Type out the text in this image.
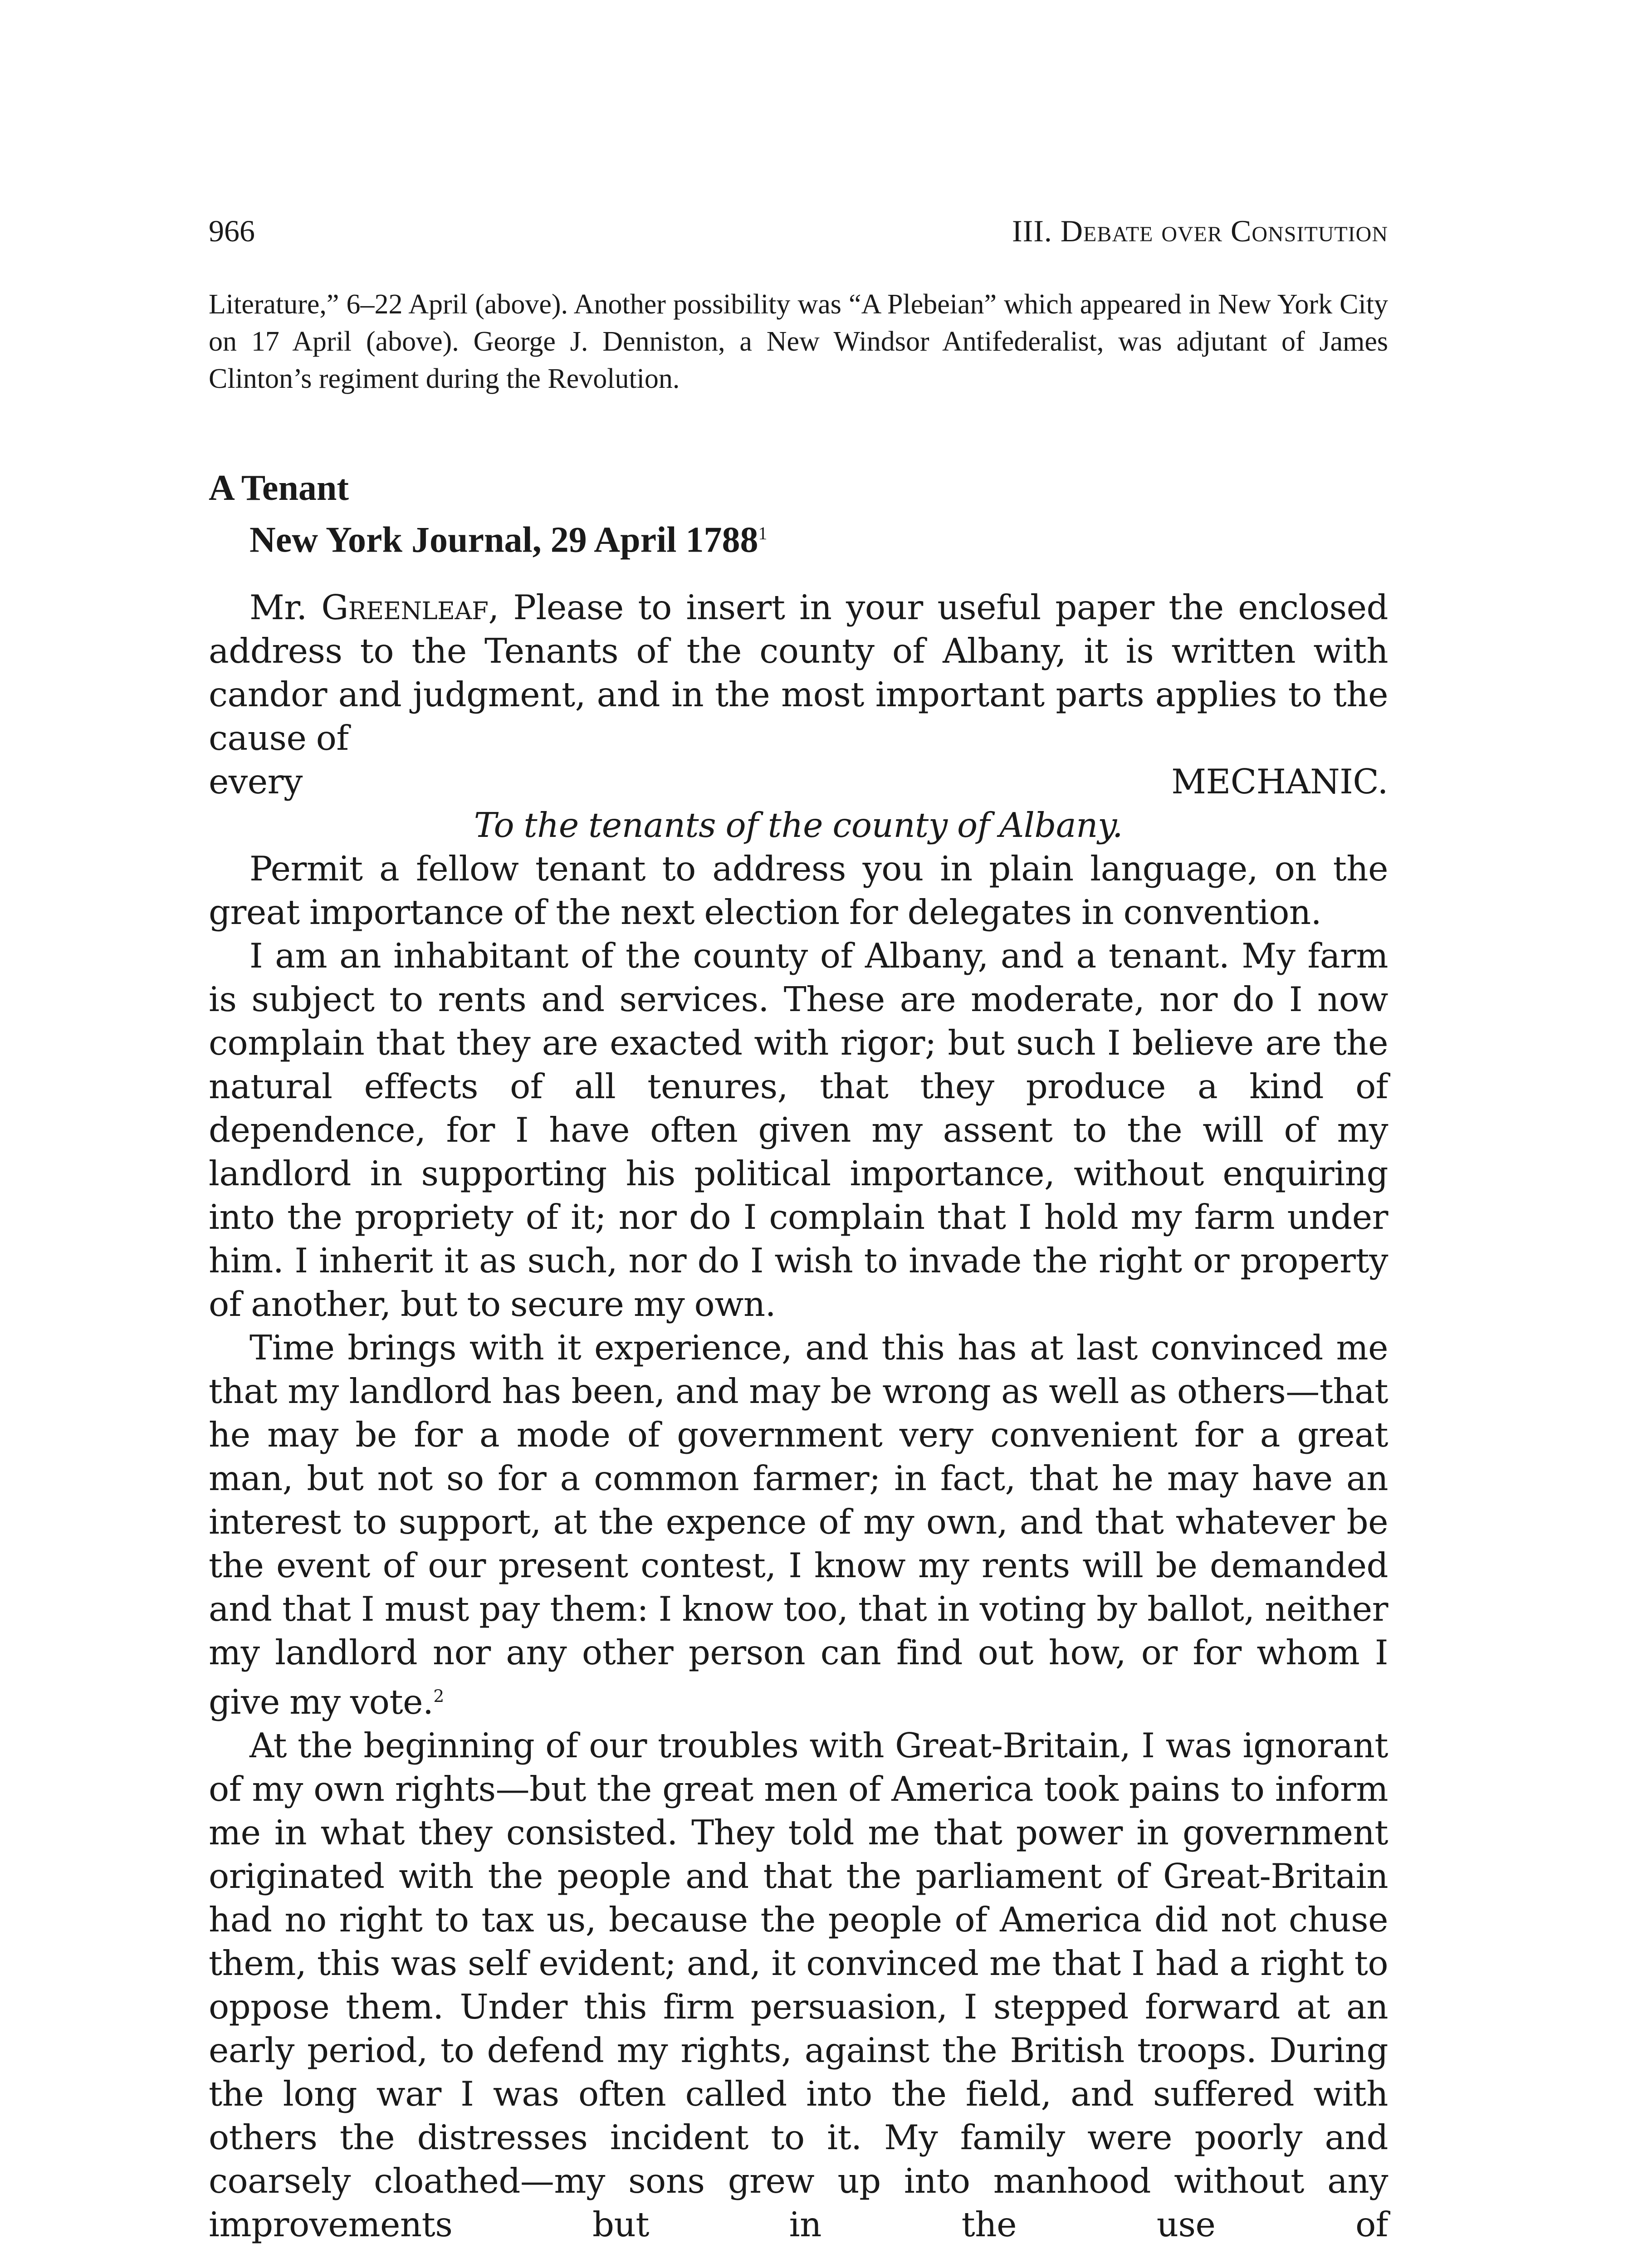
966	III. Debate over Consitution

Literature,” 6–22 April (above). Another possibility was “A Plebeian” which appeared in New York City on 17 April (above). George J. Denniston, a New Windsor Antifederalist, was adjutant of James Clinton’s regiment during the Revolution.

A Tenant
New York Journal, 29 April 1788$^1$

Mr. Greenleaf, Please to insert in your useful paper the enclosed address to the Tenants of the county of Albany, it is written with candor and judgment, and in the most important parts applies to the cause of

every	MECHANIC.

To the tenants of the county of Albany.

Permit a fellow tenant to address you in plain language, on the great importance of the next election for delegates in convention.

I am an inhabitant of the county of Albany, and a tenant. My farm is subject to rents and services. These are moderate, nor do I now complain that they are exacted with rigor; but such I believe are the natural effects of all tenures, that they produce a kind of dependence, for I have often given my assent to the will of my landlord in supporting his political importance, without enquiring into the propriety of it; nor do I complain that I hold my farm under him. I inherit it as such, nor do I wish to invade the right or property of another, but to secure my own.

Time brings with it experience, and this has at last convinced me that my landlord has been, and may be wrong as well as others—that he may be for a mode of government very convenient for a great man, but not so for a common farmer; in fact, that he may have an interest to support, at the expence of my own, and that whatever be the event of our present contest, I know my rents will be demanded and that I must pay them: I know too, that in voting by ballot, neither my landlord nor any other person can find out how, or for whom I give my vote.$^2$

At the beginning of our troubles with Great-Britain, I was ignorant of my own rights—but the great men of America took pains to inform me in what they consisted. They told me that power in government originated with the people and that the parliament of Great-Britain had no right to tax us, because the people of America did not chuse them, this was self evident; and, it convinced me that I had a right to oppose them. Under this firm persuasion, I stepped forward at an early period, to defend my rights, against the British troops. During the long war I was often called into the field, and suffered with others the distresses incident to it. My family were poorly and coarsely cloathed—my sons grew up into manhood without any improvements but in the use of
